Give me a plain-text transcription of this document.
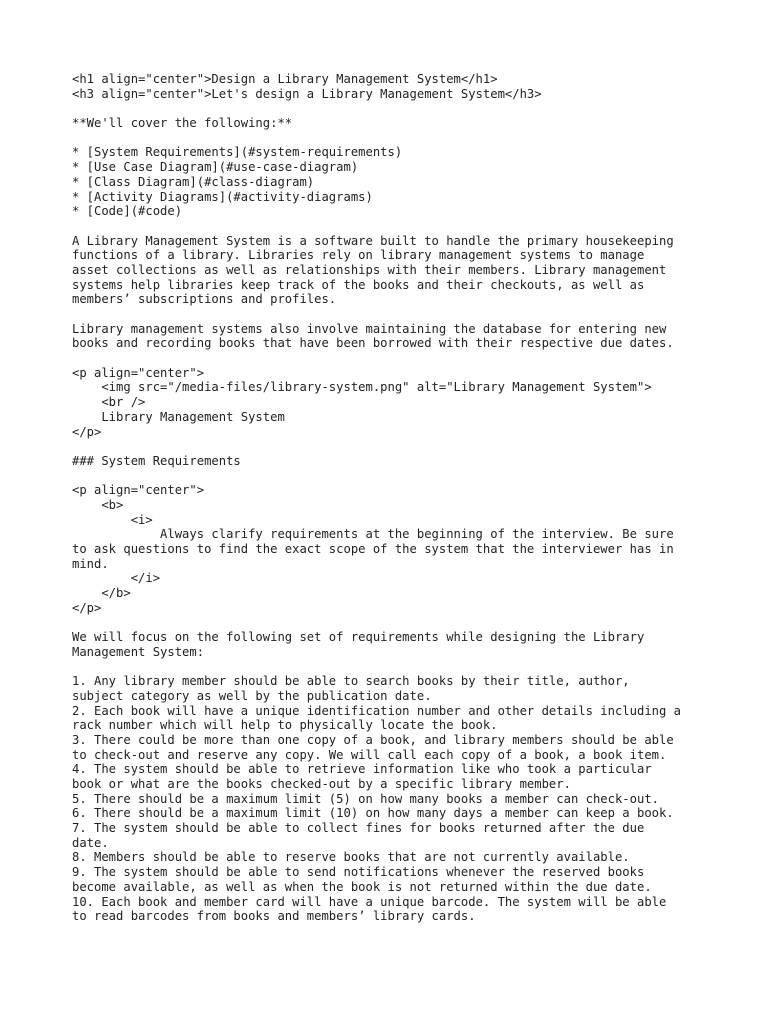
<h1 align="center">Design a Library Management System</h1>

<h3 align="center">Let's design a Library Management System</h3>

**We'll cover the following:**

* [System Requirements](#system-requirements)

* [Use Case Diagram](#use-case-diagram)

* [Class Diagram](#class-diagram)

* [Activity Diagrams](#activity-diagrams)

* [Code](#code)

A Library Management System is a software built to handle the primary housekeeping

functions of a library. Libraries rely on library management systems to manage

asset collections as well as relationships with their members. Library management

systems help libraries keep track of the books and their checkouts, as well as

members’ subscriptions and profiles.

Library management systems also involve maintaining the database for entering new

books and recording books that have been borrowed with their respective due dates.

<p align="center">

<img src="/media-files/library-system.png" alt="Library Management System">

<br />

Library Management System

</p>

### System Requirements

<p align="center">

<b>

<i>

Always clarify requirements at the beginning of the interview. Be sure

to ask questions to find the exact scope of the system that the interviewer has in

mind.

</i>

</b>

</p>

We will focus on the following set of requirements while designing the Library

Management System:

1. Any library member should be able to search books by their title, author,

subject category as well by the publication date.

2. Each book will have a unique identification number and other details including a

rack number which will help to physically locate the book.

3. There could be more than one copy of a book, and library members should be able

to check-out and reserve any copy. We will call each copy of a book, a book item.

4. The system should be able to retrieve information like who took a particular

book or what are the books checked-out by a specific library member.

5. There should be a maximum limit (5) on how many books a member can check-out.

6. There should be a maximum limit (10) on how many days a member can keep a book.

7. The system should be able to collect fines for books returned after the due

date.

8. Members should be able to reserve books that are not currently available.

9. The system should be able to send notifications whenever the reserved books

become available, as well as when the book is not returned within the due date.

10. Each book and member card will have a unique barcode. The system will be able

to read barcodes from books and members’ library cards.
